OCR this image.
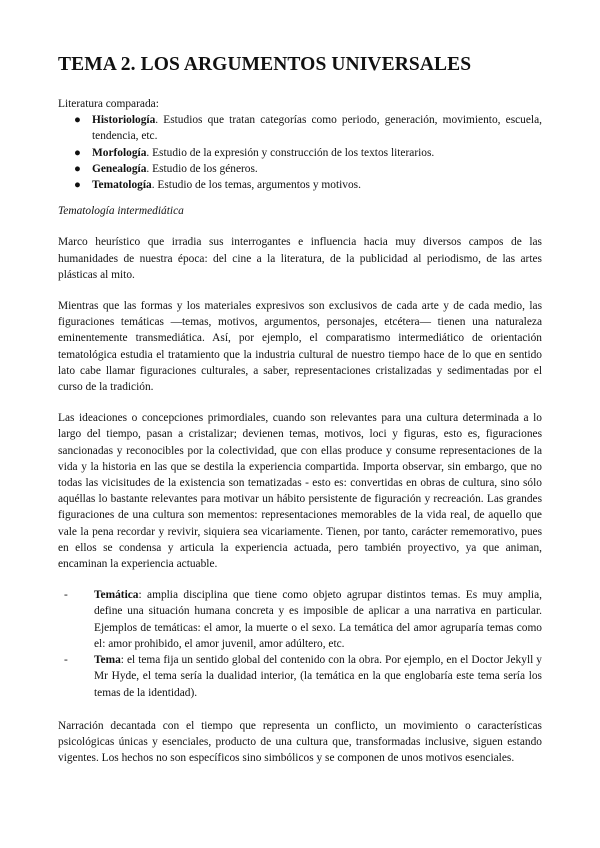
TEMA 2. LOS ARGUMENTOS UNIVERSALES

Literatura comparada:

● Historiología. Estudios que tratan categorías como periodo, generación, movimiento, escuela, tendencia, etc.
● Morfología. Estudio de la expresión y construcción de los textos literarios.
● Genealogía. Estudio de los géneros.
● Tematología. Estudio de los temas, argumentos y motivos.

Tematología intermediática

Marco heurístico que irradia sus interrogantes e influencia hacia muy diversos campos de las humanidades de nuestra época: del cine a la literatura, de la publicidad al periodismo, de las artes plásticas al mito.

Mientras que las formas y los materiales expresivos son exclusivos de cada arte y de cada medio, las figuraciones temáticas —temas, motivos, argumentos, personajes, etcétera— tienen una naturaleza eminentemente transmediática. Así, por ejemplo, el comparatismo intermediático de orientación tematológica estudia el tratamiento que la industria cultural de nuestro tiempo hace de lo que en sentido lato cabe llamar figuraciones culturales, a saber, representaciones cristalizadas y sedimentadas por el curso de la tradición.

Las ideaciones o concepciones primordiales, cuando son relevantes para una cultura determinada a lo largo del tiempo, pasan a cristalizar; devienen temas, motivos, loci y figuras, esto es, figuraciones sancionadas y reconocibles por la colectividad, que con ellas produce y consume representaciones de la vida y la historia en las que se destila la experiencia compartida. Importa observar, sin embargo, que no todas las vicisitudes de la existencia son tematizadas - esto es: convertidas en obras de cultura, sino sólo aquéllas lo bastante relevantes para motivar un hábito persistente de figuración y recreación. Las grandes figuraciones de una cultura son mementos: representaciones memorables de la vida real, de aquello que vale la pena recordar y revivir, siquiera sea vicariamente. Tienen, por tanto, carácter rememorativo, pues en ellos se condensa y articula la experiencia actuada, pero también proyectivo, ya que animan, encaminan la experiencia actuable.

- Temática: amplia disciplina que tiene como objeto agrupar distintos temas. Es muy amplia, define una situación humana concreta y es imposible de aplicar a una narrativa en particular. Ejemplos de temáticas: el amor, la muerte o el sexo. La temática del amor agruparía temas como el: amor prohibido, el amor juvenil, amor adúltero, etc.
- Tema: el tema fija un sentido global del contenido con la obra. Por ejemplo, en el Doctor Jekyll y Mr Hyde, el tema sería la dualidad interior, (la temática en la que englobaría este tema sería los temas de la identidad).

Narración decantada con el tiempo que representa un conflicto, un movimiento o características psicológicas únicas y esenciales, producto de una cultura que, transformadas inclusive, siguen estando vigentes. Los hechos no son específicos sino simbólicos y se componen de unos motivos esenciales.
